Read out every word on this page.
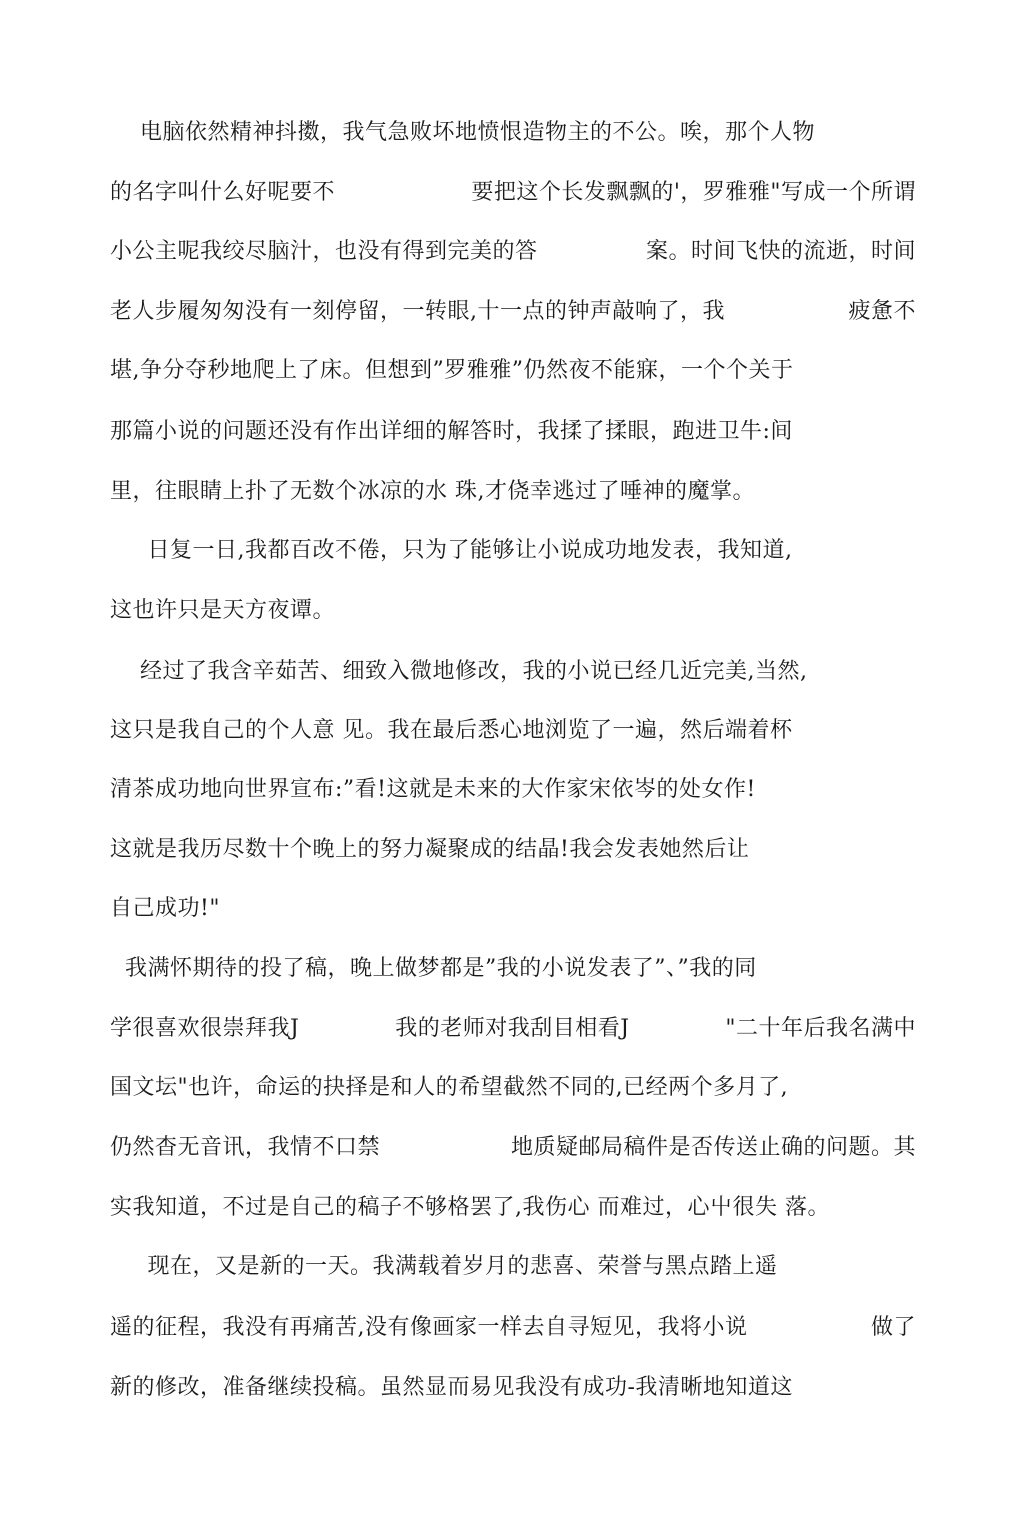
电脑依然精神抖擞，我气急败坏地愤恨造物主的不公。唉，那个人物
的名字叫什么好呢要不	要把这个长发飘飘的'，罗雅雅"写成一个所谓
小公主呢我绞尽脑汁，也没有得到完美的答	案。时间飞快的流逝，时间
老人步履匆匆没有一刻停留，一转眼,十一点的钟声敲响了，我	疲惫不
堪,争分夺秒地爬上了床。但想到”罗雅雅”仍然夜不能寐，一个个关于
那篇小说的问题还没有作出详细的解答时，我揉了揉眼，跑进卫牛:间
里，往眼睛上扑了无数个冰凉的水 珠,才侥幸逃过了唾神的魔掌。
日复一日,我都百改不倦，只为了能够让小说成功地发表，我知道,
这也许只是天方夜谭。
经过了我含辛茹苦、细致入微地修改，我的小说已经几近完美,当然,
这只是我自己的个人意 见。我在最后悉心地浏览了一遍，然后端着杯
清茶成功地向世界宣布:”看!这就是未来的大作家宋依岑的处女作!
这就是我历尽数十个晚上的努力凝聚成的结晶!我会发表她然后让
自己成功!"
我满怀期待的投了稿，晚上做梦都是”我的小说发表了”、”我的同
学很喜欢很崇拜我J	我的老师对我刮目相看J	"二十年后我名满中
国文坛"也许，命运的抉择是和人的希望截然不同的,已经两个多月了,
仍然杳无音讯，我情不口禁	地质疑邮局稿件是否传送止确的问题。其
实我知道，不过是自己的稿子不够格罢了,我伤心 而难过，心屮很失 落。
现在，又是新的一天。我满载着岁月的悲喜、荣誉与黑点踏上遥
遥的征程，我没有再痛苦,没有像画家一样去自寻短见，我将小说	做了
新的修改，准备继续投稿。虽然显而易见我没有成功-我清晰地知道这
